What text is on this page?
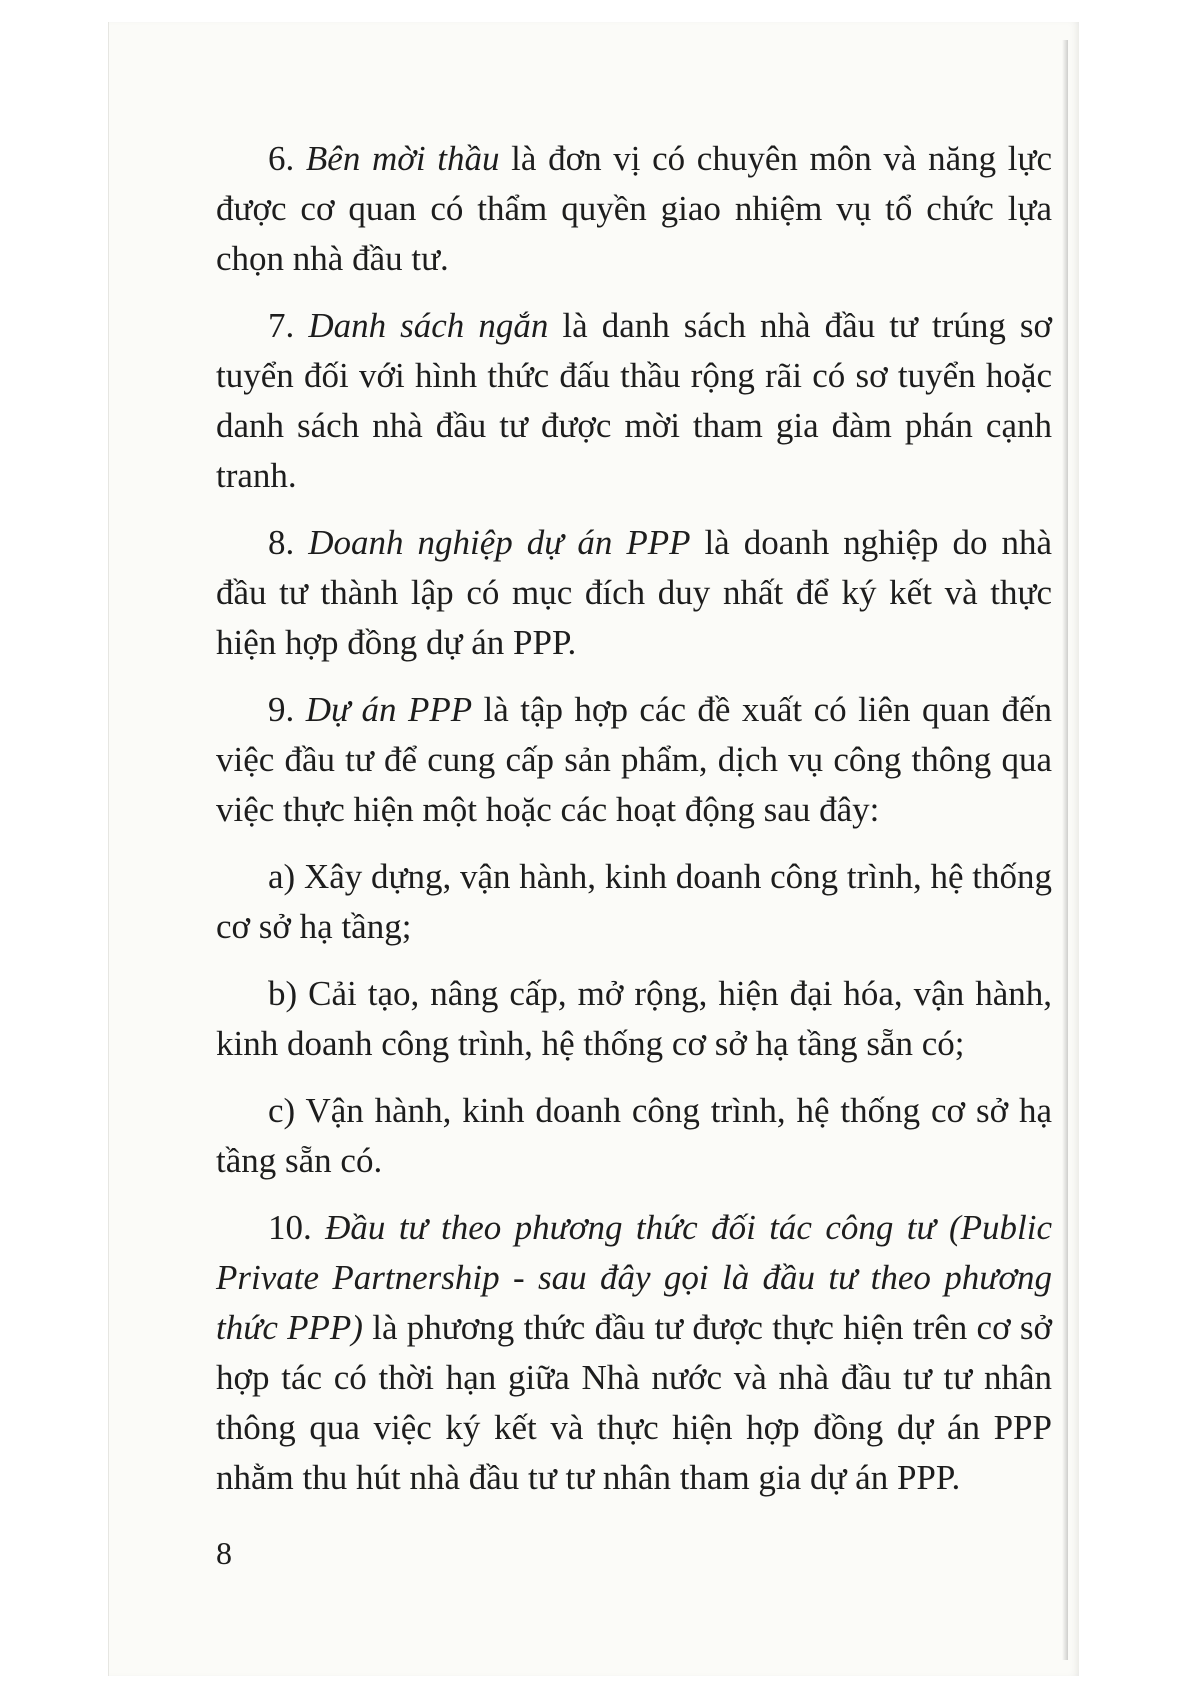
6. Bên mời thầu là đơn vị có chuyên môn và năng lực được cơ quan có thẩm quyền giao nhiệm vụ tổ chức lựa chọn nhà đầu tư.

7. Danh sách ngắn là danh sách nhà đầu tư trúng sơ tuyển đối với hình thức đấu thầu rộng rãi có sơ tuyển hoặc danh sách nhà đầu tư được mời tham gia đàm phán cạnh tranh.

8. Doanh nghiệp dự án PPP là doanh nghiệp do nhà đầu tư thành lập có mục đích duy nhất để ký kết và thực hiện hợp đồng dự án PPP.

9. Dự án PPP là tập hợp các đề xuất có liên quan đến việc đầu tư để cung cấp sản phẩm, dịch vụ công thông qua việc thực hiện một hoặc các hoạt động sau đây:

a) Xây dựng, vận hành, kinh doanh công trình, hệ thống cơ sở hạ tầng;

b) Cải tạo, nâng cấp, mở rộng, hiện đại hóa, vận hành, kinh doanh công trình, hệ thống cơ sở hạ tầng sẵn có;

c) Vận hành, kinh doanh công trình, hệ thống cơ sở hạ tầng sẵn có.

10. Đầu tư theo phương thức đối tác công tư (Public Private Partnership - sau đây gọi là đầu tư theo phương thức PPP) là phương thức đầu tư được thực hiện trên cơ sở hợp tác có thời hạn giữa Nhà nước và nhà đầu tư tư nhân thông qua việc ký kết và thực hiện hợp đồng dự án PPP nhằm thu hút nhà đầu tư tư nhân tham gia dự án PPP.

8
